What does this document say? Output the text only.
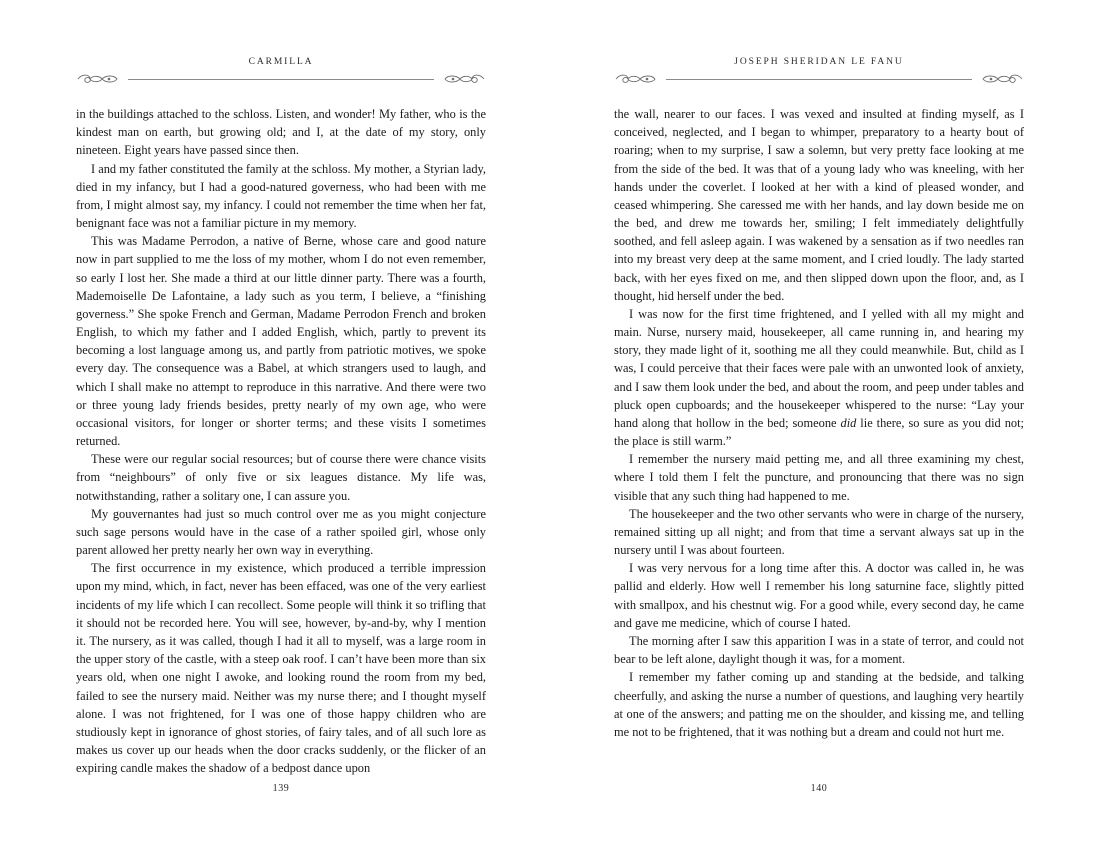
CARMILLA

in the buildings attached to the schloss. Listen, and wonder! My father, who is the kindest man on earth, but growing old; and I, at the date of my story, only nineteen. Eight years have passed since then.

I and my father constituted the family at the schloss. My mother, a Styrian lady, died in my infancy, but I had a good-natured governess, who had been with me from, I might almost say, my infancy. I could not remember the time when her fat, benignant face was not a familiar picture in my memory.

This was Madame Perrodon, a native of Berne, whose care and good nature now in part supplied to me the loss of my mother, whom I do not even remember, so early I lost her. She made a third at our little dinner party. There was a fourth, Mademoiselle De Lafontaine, a lady such as you term, I believe, a “finishing governess.” She spoke French and German, Madame Perrodon French and broken English, to which my father and I added English, which, partly to prevent its becoming a lost language among us, and partly from patriotic motives, we spoke every day. The consequence was a Babel, at which strangers used to laugh, and which I shall make no attempt to reproduce in this narrative. And there were two or three young lady friends besides, pretty nearly of my own age, who were occasional visitors, for longer or shorter terms; and these visits I sometimes returned.

These were our regular social resources; but of course there were chance visits from “neighbours” of only five or six leagues distance. My life was, notwithstanding, rather a solitary one, I can assure you.

My gouvernantes had just so much control over me as you might conjecture such sage persons would have in the case of a rather spoiled girl, whose only parent allowed her pretty nearly her own way in everything.

The first occurrence in my existence, which produced a terrible impression upon my mind, which, in fact, never has been effaced, was one of the very earliest incidents of my life which I can recollect. Some people will think it so trifling that it should not be recorded here. You will see, however, by-and-by, why I mention it. The nursery, as it was called, though I had it all to myself, was a large room in the upper story of the castle, with a steep oak roof. I can’t have been more than six years old, when one night I awoke, and looking round the room from my bed, failed to see the nursery maid. Neither was my nurse there; and I thought myself alone. I was not frightened, for I was one of those happy children who are studiously kept in ignorance of ghost stories, of fairy tales, and of all such lore as makes us cover up our heads when the door cracks suddenly, or the flicker of an expiring candle makes the shadow of a bedpost dance upon

139
JOSEPH SHERIDAN LE FANU

the wall, nearer to our faces. I was vexed and insulted at finding myself, as I conceived, neglected, and I began to whimper, preparatory to a hearty bout of roaring; when to my surprise, I saw a solemn, but very pretty face looking at me from the side of the bed. It was that of a young lady who was kneeling, with her hands under the coverlet. I looked at her with a kind of pleased wonder, and ceased whimpering. She caressed me with her hands, and lay down beside me on the bed, and drew me towards her, smiling; I felt immediately delightfully soothed, and fell asleep again. I was wakened by a sensation as if two needles ran into my breast very deep at the same moment, and I cried loudly. The lady started back, with her eyes fixed on me, and then slipped down upon the floor, and, as I thought, hid herself under the bed.

I was now for the first time frightened, and I yelled with all my might and main. Nurse, nursery maid, housekeeper, all came running in, and hearing my story, they made light of it, soothing me all they could meanwhile. But, child as I was, I could perceive that their faces were pale with an unwonted look of anxiety, and I saw them look under the bed, and about the room, and peep under tables and pluck open cupboards; and the housekeeper whispered to the nurse: “Lay your hand along that hollow in the bed; someone did lie there, so sure as you did not; the place is still warm.”

I remember the nursery maid petting me, and all three examining my chest, where I told them I felt the puncture, and pronouncing that there was no sign visible that any such thing had happened to me.

The housekeeper and the two other servants who were in charge of the nursery, remained sitting up all night; and from that time a servant always sat up in the nursery until I was about fourteen.

I was very nervous for a long time after this. A doctor was called in, he was pallid and elderly. How well I remember his long saturnine face, slightly pitted with smallpox, and his chestnut wig. For a good while, every second day, he came and gave me medicine, which of course I hated.

The morning after I saw this apparition I was in a state of terror, and could not bear to be left alone, daylight though it was, for a moment.

I remember my father coming up and standing at the bedside, and talking cheerfully, and asking the nurse a number of questions, and laughing very heartily at one of the answers; and patting me on the shoulder, and kissing me, and telling me not to be frightened, that it was nothing but a dream and could not hurt me.

140
